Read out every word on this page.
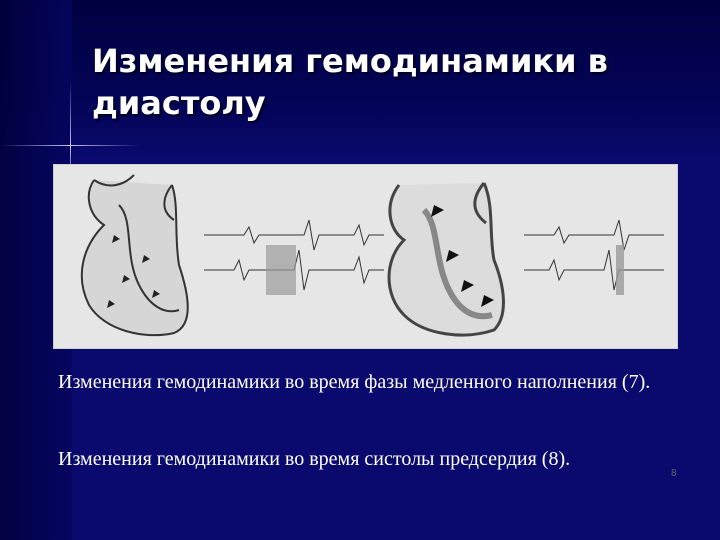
Изменения гемодинамики в диастолу
8
Изменения гемодинамики во время фазы медленного наполнения (7).
Изменения гемодинамики во время систолы предсердия (8).
